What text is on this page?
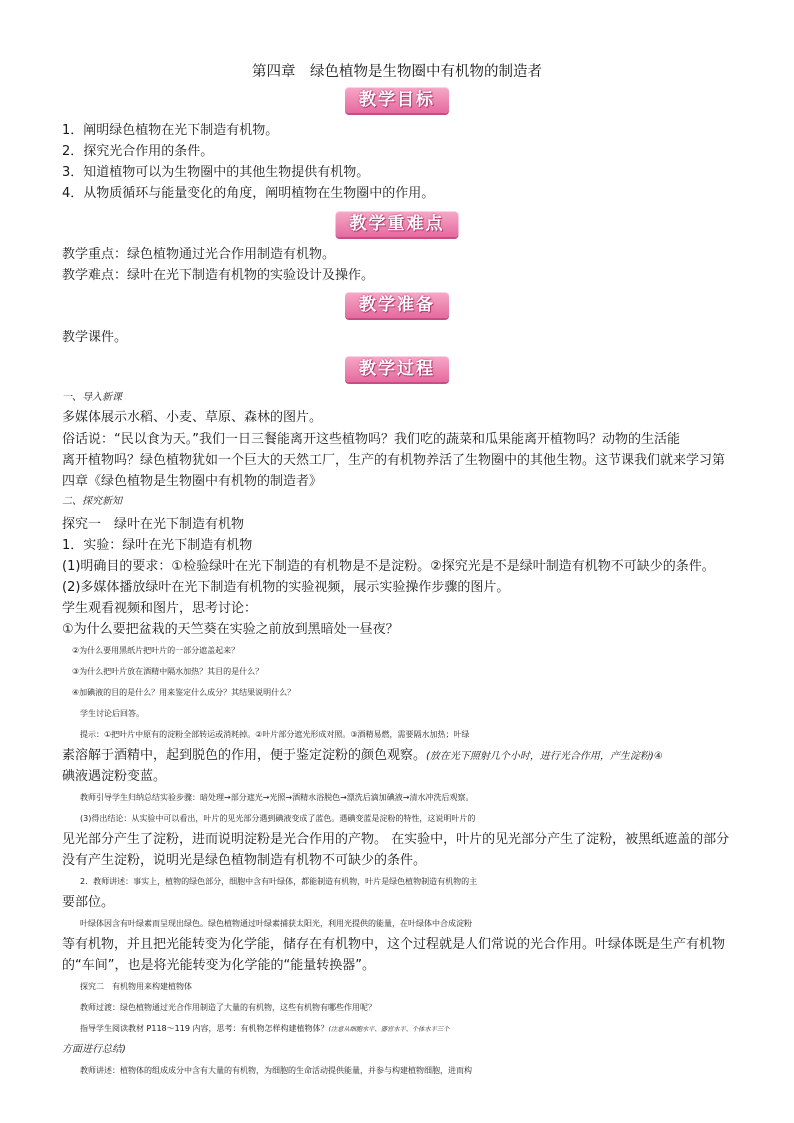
第四章　绿色植物是生物圈中有机物的制造者
教学目标
1．阐明绿色植物在光下制造有机物。
2．探究光合作用的条件。
3．知道植物可以为生物圈中的其他生物提供有机物。
4．从物质循环与能量变化的角度，阐明植物在生物圈中的作用。
教学重难点
教学重点：绿色植物通过光合作用制造有机物。
教学难点：绿叶在光下制造有机物的实验设计及操作。
教学准备
教学课件。
教学过程
一、导入新课
多媒体展示水稻、小麦、草原、森林的图片。
俗话说：“民以食为天。”我们一日三餐能离开这些植物吗？我们吃的蔬菜和瓜果能离开植物吗？动物的生活能
离开植物吗？绿色植物犹如一个巨大的天然工厂，生产的有机物养活了生物圈中的其他生物。这节课我们就来学习第
四章《绿色植物是生物圈中有机物的制造者》
二、探究新知
探究一　绿叶在光下制造有机物
1．实验：绿叶在光下制造有机物
(1)明确目的要求：①检验绿叶在光下制造的有机物是不是淀粉。②探究光是不是绿叶制造有机物不可缺少的条件。
(2)多媒体播放绿叶在光下制造有机物的实验视频，展示实验操作步骤的图片。
学生观看视频和图片，思考讨论：
①为什么要把盆栽的天竺葵在实验之前放到黑暗处一昼夜？
②为什么要用黑纸片把叶片的一部分遮盖起来？
③为什么把叶片放在酒精中隔水加热？其目的是什么？
④加碘液的目的是什么？用来鉴定什么成分？其结果说明什么？
学生讨论后回答。
提示：①把叶片中原有的淀粉全部转运或消耗掉。②叶片部分遮光形成对照。③酒精易燃，需要隔水加热；叶绿
素溶解于酒精中，起到脱色的作用，便于鉴定淀粉的颜色观察。(放在光下照射几个小时，进行光合作用，产生淀粉)④
碘液遇淀粉变蓝。
教师引导学生归纳总结实验步骤：暗处理→部分遮光→光照→酒精水浴脱色→漂洗后滴加碘液→清水冲洗后观察。
(3)得出结论：从实验中可以看出，叶片的见光部分遇到碘液变成了蓝色。遇碘变蓝是淀粉的特性，这说明叶片的
见光部分产生了淀粉，进而说明淀粉是光合作用的产物。 在实验中，叶片的见光部分产生了淀粉，被黑纸遮盖的部分
没有产生淀粉，说明光是绿色植物制造有机物不可缺少的条件。
2．教师讲述：事实上，植物的绿色部分，细胞中含有叶绿体，都能制造有机物，叶片是绿色植物制造有机物的主
要部位。
叶绿体因含有叶绿素而呈现出绿色。绿色植物通过叶绿素捕获太阳光，利用光提供的能量，在叶绿体中合成淀粉
等有机物，并且把光能转变为化学能，储存在有机物中，这个过程就是人们常说的光合作用。叶绿体既是生产有机物
的“车间”，也是将光能转变为化学能的“能量转换器”。
探究二　有机物用来构建植物体
教师过渡：绿色植物通过光合作用制造了大量的有机物，这些有机物有哪些作用呢？
指导学生阅读教材 P118～119 内容，思考：有机物怎样构建植物体？(注意从细胞水平、器官水平、个体水平三个
方面进行总结)
教师讲述：植物体的组成成分中含有大量的有机物，为细胞的生命活动提供能量，并参与构建植物细胞，进而构
